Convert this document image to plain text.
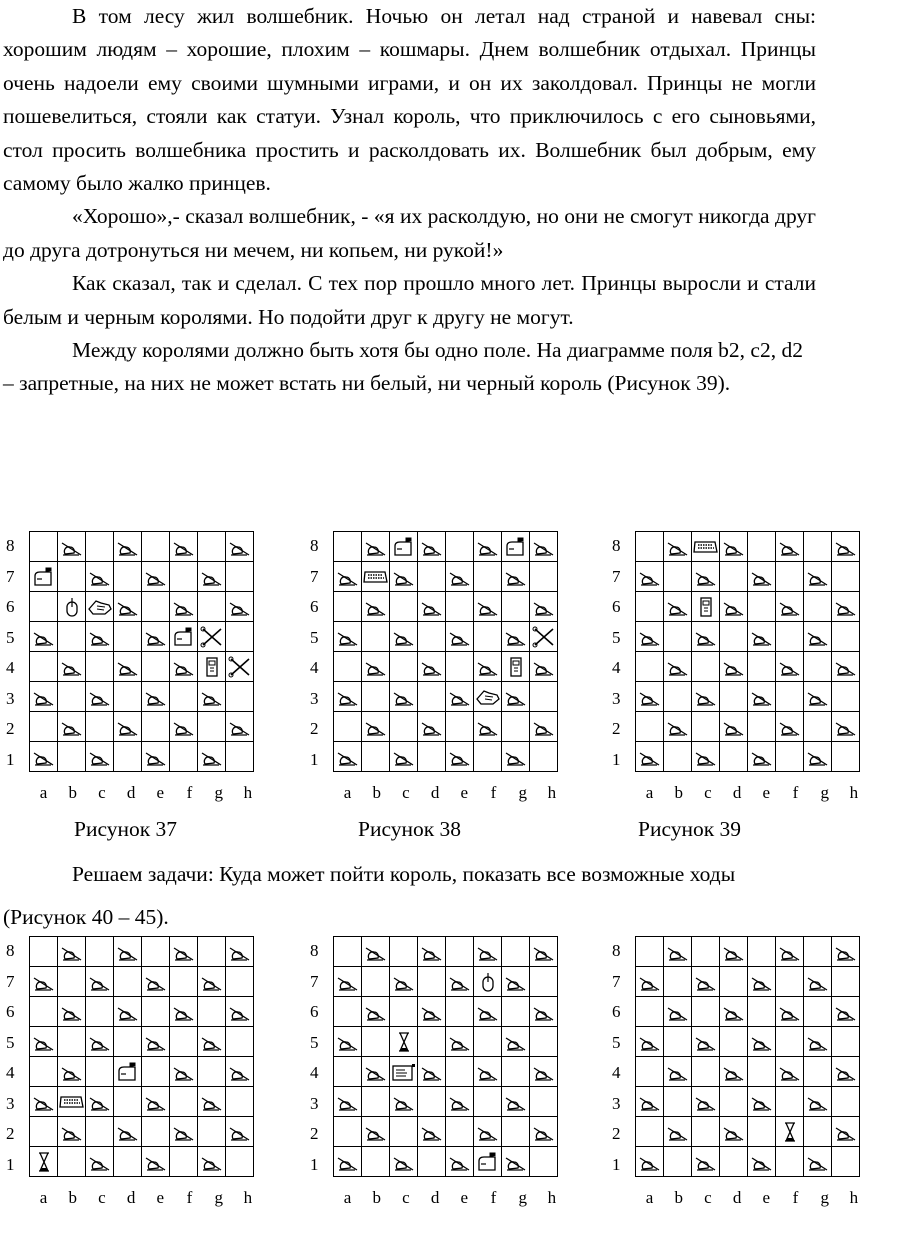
В том лесу жил волшебник. Ночью он летал над страной и навевал сны: хорошим людям – хорошие, плохим – кошмары. Днем волшебник отдыхал. Принцы очень надоели ему своими шумными играми, и он их заколдовал. Принцы не могли пошевелиться, стояли как статуи. Узнал король, что приключилось с его сыновьями, стол просить волшебника простить и расколдовать их. Волшебник был добрым, ему самому было жалко принцев.

«Хорошо»,- сказал волшебник, - «я их расколдую, но они не смогут никогда друг до друга дотронуться ни мечем, ни копьем, ни рукой!»

Как сказал, так и сделал. С тех пор прошло много лет. Принцы выросли и стали белым и черным королями. Но подойти друг к другу не могут.

Между королями должно быть хотя бы одно поле. На диаграмме поля b2, c2, d2 – запретные, на них не может встать ни белый, ни черный король (Рисунок 39).

Рисунок 37	Рисунок 38	Рисунок 39

Решаем задачи: Куда может пойти король, показать все возможные ходы (Рисунок 40 – 45).

8
7
6
5
4
3
2
1

a	b	c	d	e	f	g	h
8
7
6
5
4
3
2
1

a	b	c	d	e	f	g	h
8
7
6
5
4
3
2
1

a	b	c	d	e	f	g	h
8
7
6
5
4
3
2
1

a	b	c	d	e	f	g	h
8
7
6
5
4
3
2
1

a	b	c	d	e	f	g	h
8
7
6
5
4
3
2
1

a	b	c	d	e	f	g	h
